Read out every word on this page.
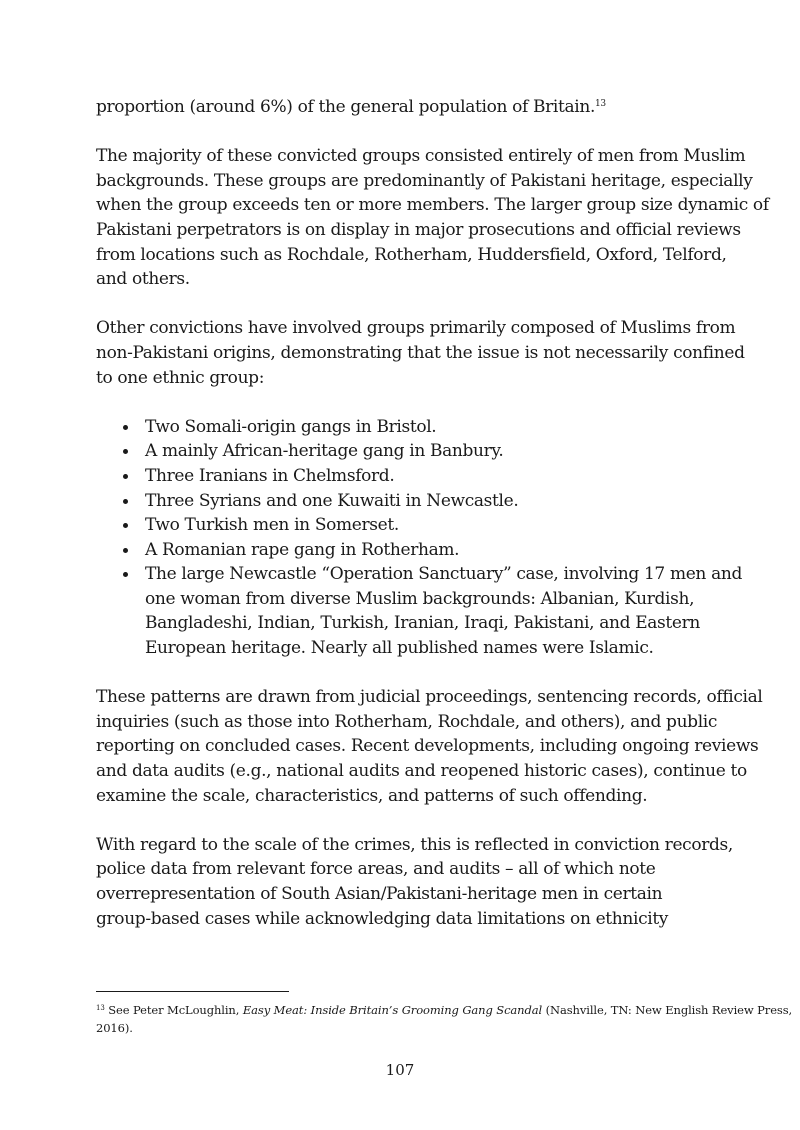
proportion (around 6%) of the general population of Britain.$^{13}$

The majority of these convicted groups consisted entirely of men from Muslim
backgrounds. These groups are predominantly of Pakistani heritage, especially
when the group exceeds ten or more members. The larger group size dynamic of
Pakistani perpetrators is on display in major prosecutions and official reviews
from locations such as Rochdale, Rotherham, Huddersfield, Oxford, Telford,
and others.

Other convictions have involved groups primarily composed of Muslims from
non-Pakistani origins, demonstrating that the issue is not necessarily confined
to one ethnic group:

Two Somali-origin gangs in Bristol.
A mainly African-heritage gang in Banbury.
Three Iranians in Chelmsford.
Three Syrians and one Kuwaiti in Newcastle.
Two Turkish men in Somerset.
A Romanian rape gang in Rotherham.
The large Newcastle “Operation Sanctuary” case, involving 17 men and
one woman from diverse Muslim backgrounds: Albanian, Kurdish,
Bangladeshi, Indian, Turkish, Iranian, Iraqi, Pakistani, and Eastern
European heritage. Nearly all published names were Islamic.

These patterns are drawn from judicial proceedings, sentencing records, official
inquiries (such as those into Rotherham, Rochdale, and others), and public
reporting on concluded cases. Recent developments, including ongoing reviews
and data audits (e.g., national audits and reopened historic cases), continue to
examine the scale, characteristics, and patterns of such offending.

With regard to the scale of the crimes, this is reflected in conviction records,
police data from relevant force areas, and audits – all of which note
overrepresentation of South Asian/Pakistani-heritage men in certain
group-based cases while acknowledging data limitations on ethnicity

$^{13}$ See Peter McLoughlin, Easy Meat: Inside Britain’s Grooming Gang Scandal (Nashville, TN: New English Review Press,
2016).
107
